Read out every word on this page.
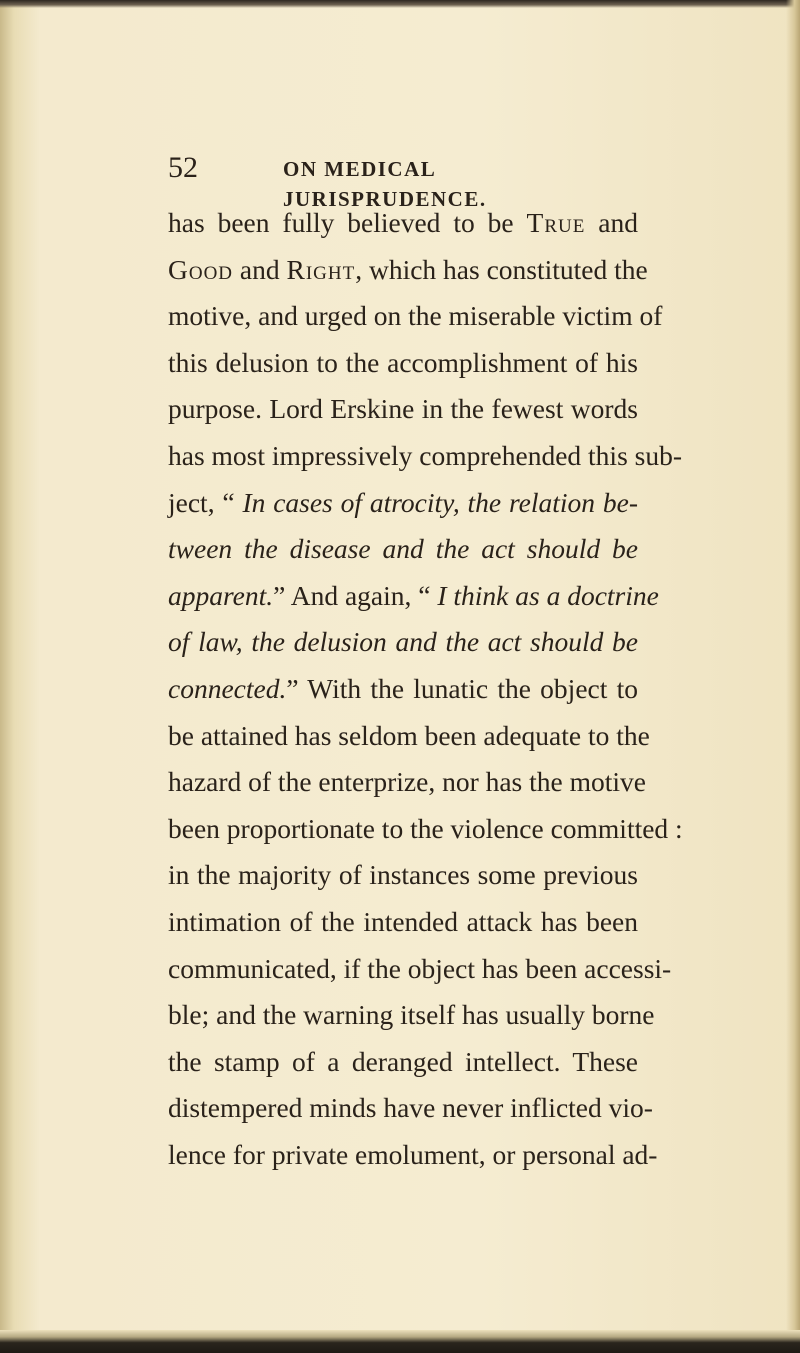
52	ON MEDICAL JURISPRUDENCE.
has been fully believed to be True and
Good and Right, which has constituted the
motive, and urged on the miserable victim of
this delusion to the accomplishment of his
purpose. Lord Erskine in the fewest words
has most impressively comprehended this sub-
ject, “ In cases of atrocity, the relation be-
tween the disease and the act should be
apparent.” And again, “ I think as a doctrine
of law, the delusion and the act should be
connected.” With the lunatic the object to
be attained has seldom been adequate to the
hazard of the enterprize, nor has the motive
been proportionate to the violence committed :
in the majority of instances some previous
intimation of the intended attack has been
communicated, if the object has been accessi-
ble; and the warning itself has usually borne
the stamp of a deranged intellect. These
distempered minds have never inflicted vio-
lence for private emolument, or personal ad-
